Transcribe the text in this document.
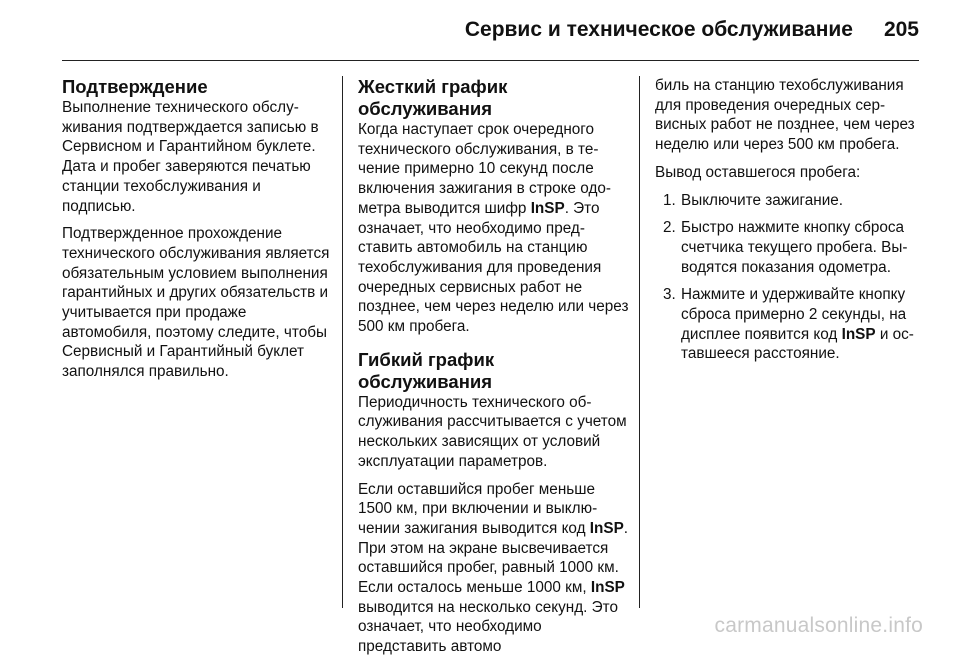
Сервис и техническое обслуживание 205
Подтверждение

Выполнение технического обслуживания подтверждается записью в Сервисном и Гарантийном буклете. Дата и пробег заверяются печатью станции техобслуживания и подписью.

Подтвержденное прохождение технического обслуживания является обязательным условием выполнения гарантийных и других обязательств и учитывается при продаже автомобиля, поэтому следите, чтобы Сервисный и Гарантийный буклет заполнялся правильно.

Жесткий график обслуживания

Когда наступает срок очередного технического обслуживания, в течение примерно 10 секунд после включения зажигания в строке одометра выводится шифр InSP. Это означает, что необходимо представить автомобиль на станцию техобслуживания для проведения очередных сервисных работ не позднее, чем через неделю или через 500 км пробега.

Гибкий график обслуживания

Периодичность технического обслуживания рассчитывается с учетом нескольких зависящих от условий эксплуатации параметров.

Если оставшийся пробег меньше 1500 км, при включении и выключении зажигания выводится код InSP. При этом на экране высвечивается оставшийся пробег, равный 1000 км. Если осталось меньше 1000 км, InSP выводится на несколько секунд. Это означает, что необходимо представить автомо

биль на станцию техобслуживания для проведения очередных сервисных работ не позднее, чем через неделю или через 500 км пробега.

Вывод оставшегося пробега:

1. Выключите зажигание.
2. Быстро нажмите кнопку сброса счетчика текущего пробега. Выводятся показания одометра.
3. Нажмите и удерживайте кнопку сброса примерно 2 секунды, на дисплее появится код InSP и оставшееся расстояние.
carmanualsonline.info
